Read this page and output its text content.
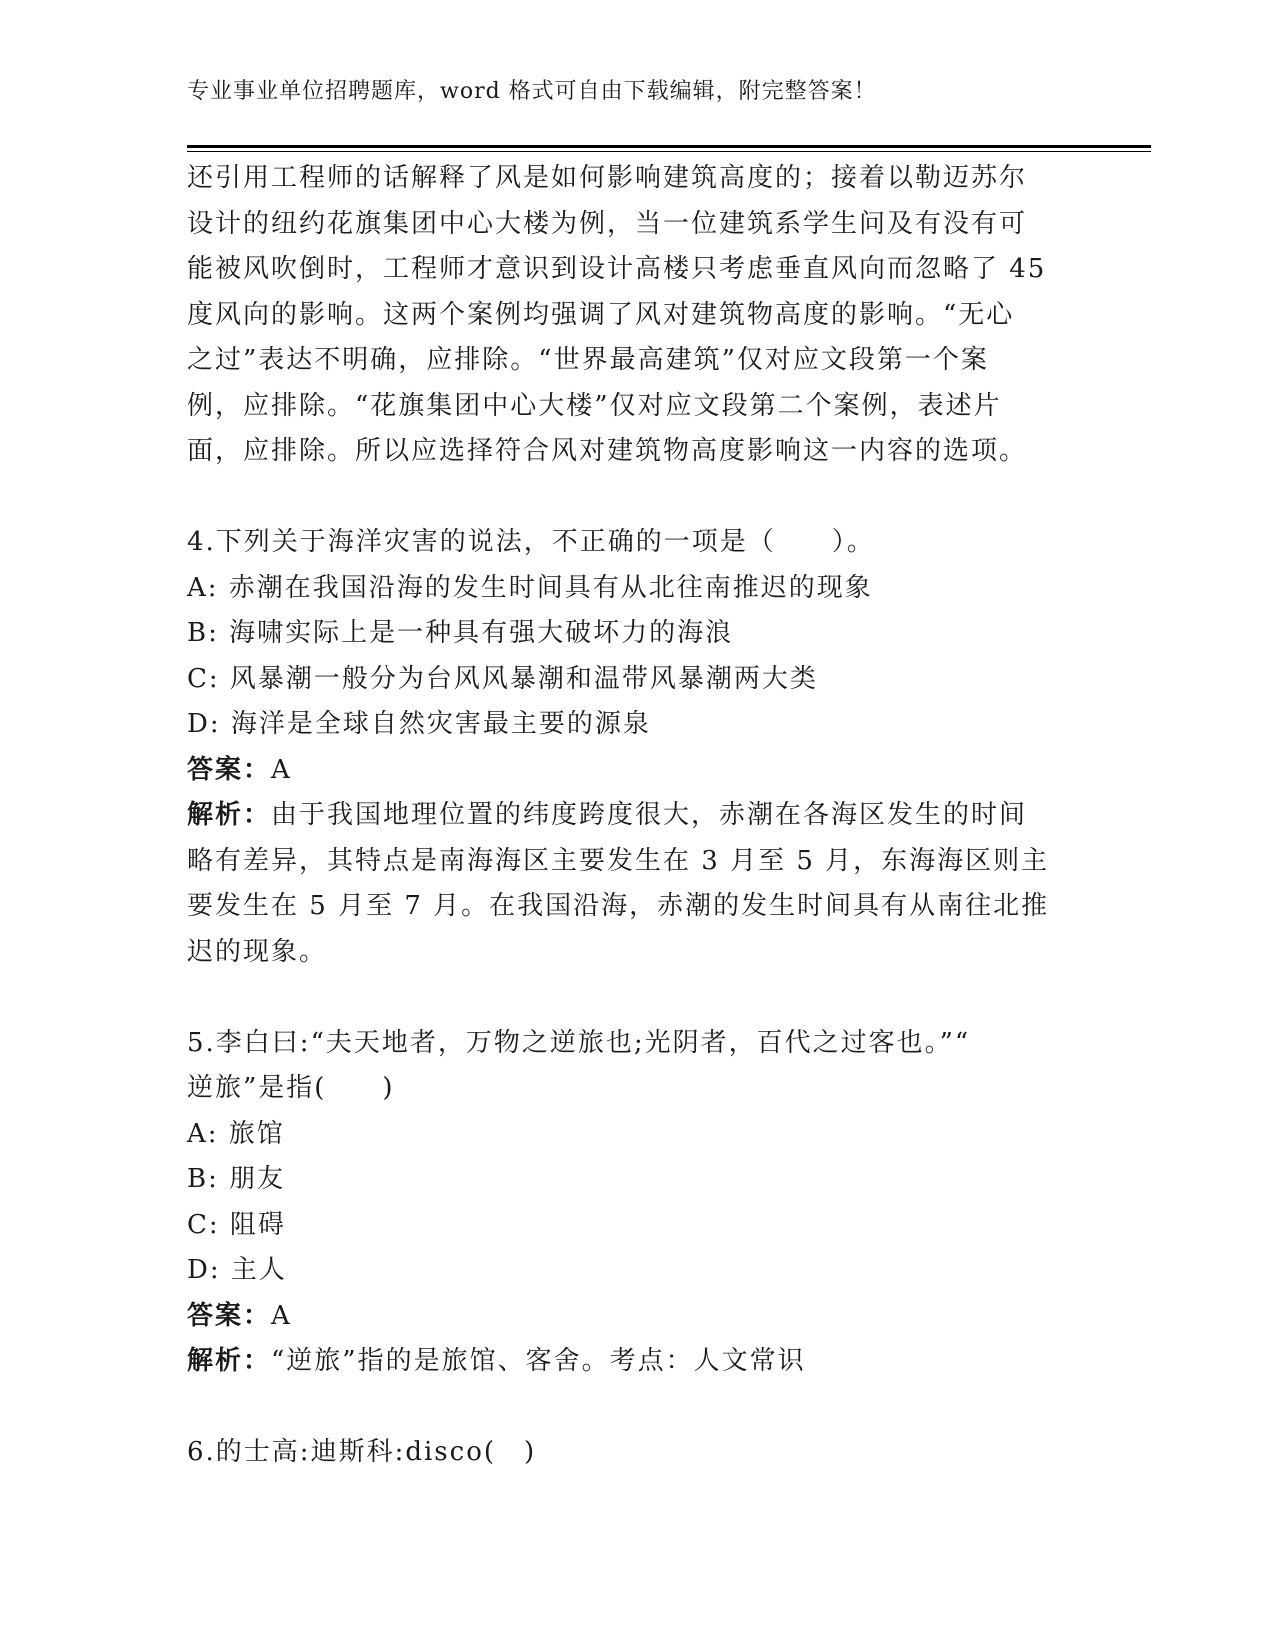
专业事业单位招聘题库，word 格式可自由下载编辑，附完整答案！
还引用工程师的话解释了风是如何影响建筑高度的；接着以勒迈苏尔
设计的纽约花旗集团中心大楼为例，当一位建筑系学生问及有没有可
能被风吹倒时，工程师才意识到设计高楼只考虑垂直风向而忽略了 45
度风向的影响。这两个案例均强调了风对建筑物高度的影响。“无心
之过”表达不明确，应排除。“世界最高建筑”仅对应文段第一个案
例，应排除。“花旗集团中心大楼”仅对应文段第二个案例，表述片
面，应排除。所以应选择符合风对建筑物高度影响这一内容的选项。
4.下列关于海洋灾害的说法，不正确的一项是（　　）。
A: 赤潮在我国沿海的发生时间具有从北往南推迟的现象
B: 海啸实际上是一种具有强大破坏力的海浪
C: 风暴潮一般分为台风风暴潮和温带风暴潮两大类
D: 海洋是全球自然灾害最主要的源泉
答案：A
解析：由于我国地理位置的纬度跨度很大，赤潮在各海区发生的时间
略有差异，其特点是南海海区主要发生在 3 月至 5 月，东海海区则主
要发生在 5 月至 7 月。在我国沿海，赤潮的发生时间具有从南往北推
迟的现象。
5.李白曰:“夫天地者，万物之逆旅也;光阴者，百代之过客也。”“
逆旅”是指(　　)
A: 旅馆
B: 朋友
C: 阻碍
D: 主人
答案：A
解析：“逆旅”指的是旅馆、客舍。考点：人文常识
6.的士高:迪斯科:disco(　)
